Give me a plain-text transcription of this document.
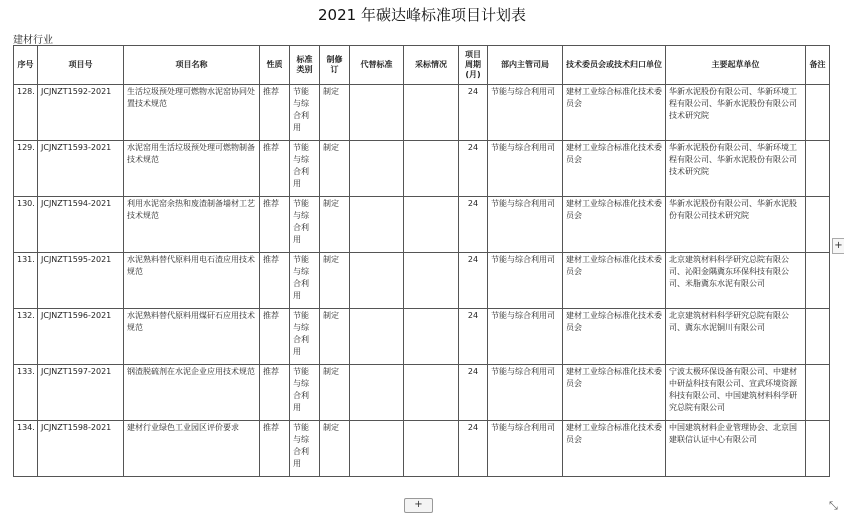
2021 年碳达峰标准项目计划表
建材行业
序号	项目号	项目名称	性质	标准类别	制修订	代替标准	采标情况	项目周期(月)	部内主管司局	技术委员会或技术归口单位	主要起草单位	备注
128.	JCJNZT1592-2021	生活垃圾预处理可燃物水泥窑协同处置技术规范	推荐	节能与综合利用	制定			24	节能与综合利用司	建材工业综合标准化技术委员会	华新水泥股份有限公司、华新环境工程有限公司、华新水泥股份有限公司技术研究院	
129.	JCJNZT1593-2021	水泥窑用生活垃圾预处理可燃物制备技术规范	推荐	节能与综合利用	制定			24	节能与综合利用司	建材工业综合标准化技术委员会	华新水泥股份有限公司、华新环境工程有限公司、华新水泥股份有限公司技术研究院	
130.	JCJNZT1594-2021	利用水泥窑余热和废渣制备墙材工艺技术规范	推荐	节能与综合利用	制定			24	节能与综合利用司	建材工业综合标准化技术委员会	华新水泥股份有限公司、华新水泥股份有限公司技术研究院	
131.	JCJNZT1595-2021	水泥熟料替代原料用电石渣应用技术规范	推荐	节能与综合利用	制定			24	节能与综合利用司	建材工业综合标准化技术委员会	北京建筑材料科学研究总院有限公司、沁阳金隅冀东环保科技有限公司、米脂冀东水泥有限公司	
132.	JCJNZT1596-2021	水泥熟料替代原料用煤矸石应用技术规范	推荐	节能与综合利用	制定			24	节能与综合利用司	建材工业综合标准化技术委员会	北京建筑材料科学研究总院有限公司、冀东水泥铜川有限公司	
133.	JCJNZT1597-2021	钢渣脱硫剂在水泥企业应用技术规范	推荐	节能与综合利用	制定			24	节能与综合利用司	建材工业综合标准化技术委员会	宁波太极环保设备有限公司、中建材中研益科技有限公司、宣武环境资源科技有限公司、中国建筑材料科学研究总院有限公司	
134.	JCJNZT1598-2021	建材行业绿色工业园区评价要求	推荐	节能与综合利用	制定			24	节能与综合利用司	建材工业综合标准化技术委员会	中国建筑材料企业管理协会、北京国建联信认证中心有限公司	
+
+	⤡
